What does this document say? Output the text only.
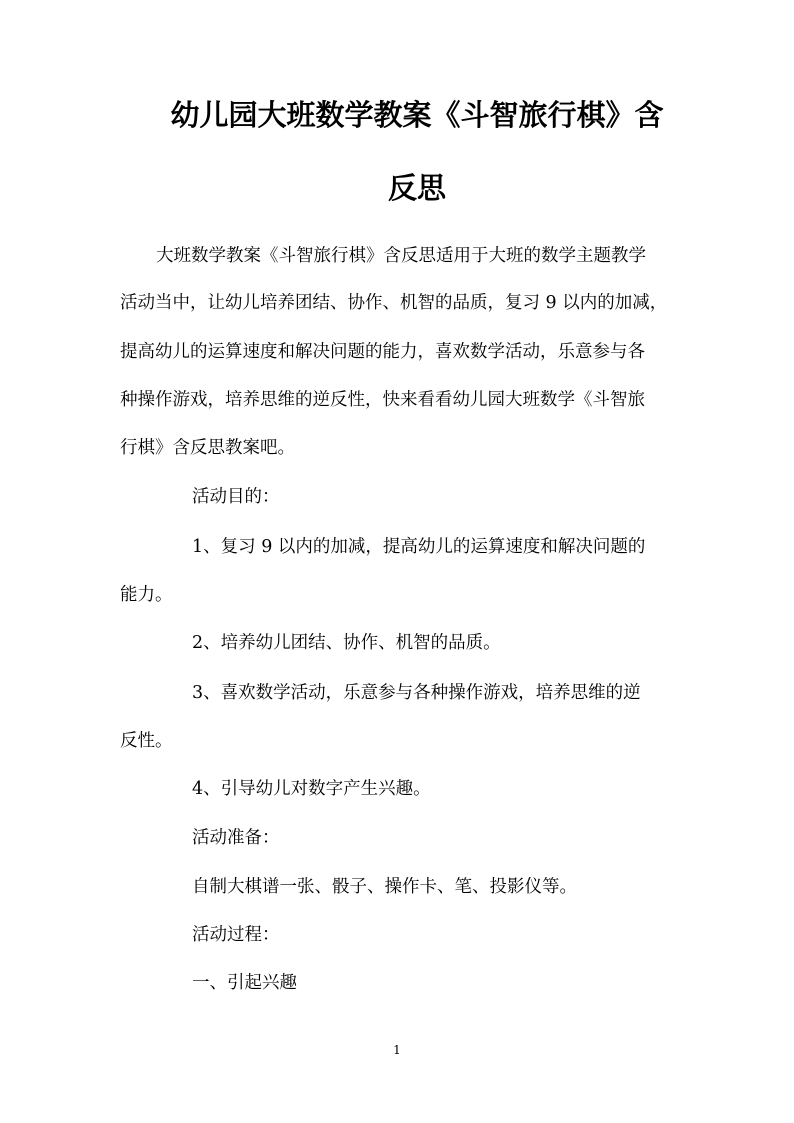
幼儿园大班数学教案《斗智旅行棋》含
反思
大班数学教案《斗智旅行棋》含反思适用于大班的数学主题教学
活动当中，让幼儿培养团结、协作、机智的品质，复习 9 以内的加减，
提高幼儿的运算速度和解决问题的能力，喜欢数学活动，乐意参与各
种操作游戏，培养思维的逆反性，快来看看幼儿园大班数学《斗智旅
行棋》含反思教案吧。
活动目的：
1、复习 9 以内的加减，提高幼儿的运算速度和解决问题的
能力。
2、培养幼儿团结、协作、机智的品质。
3、喜欢数学活动，乐意参与各种操作游戏，培养思维的逆
反性。
4、引导幼儿对数字产生兴趣。
活动准备：
自制大棋谱一张、骰子、操作卡、笔、投影仪等。
活动过程：
一、引起兴趣
1
